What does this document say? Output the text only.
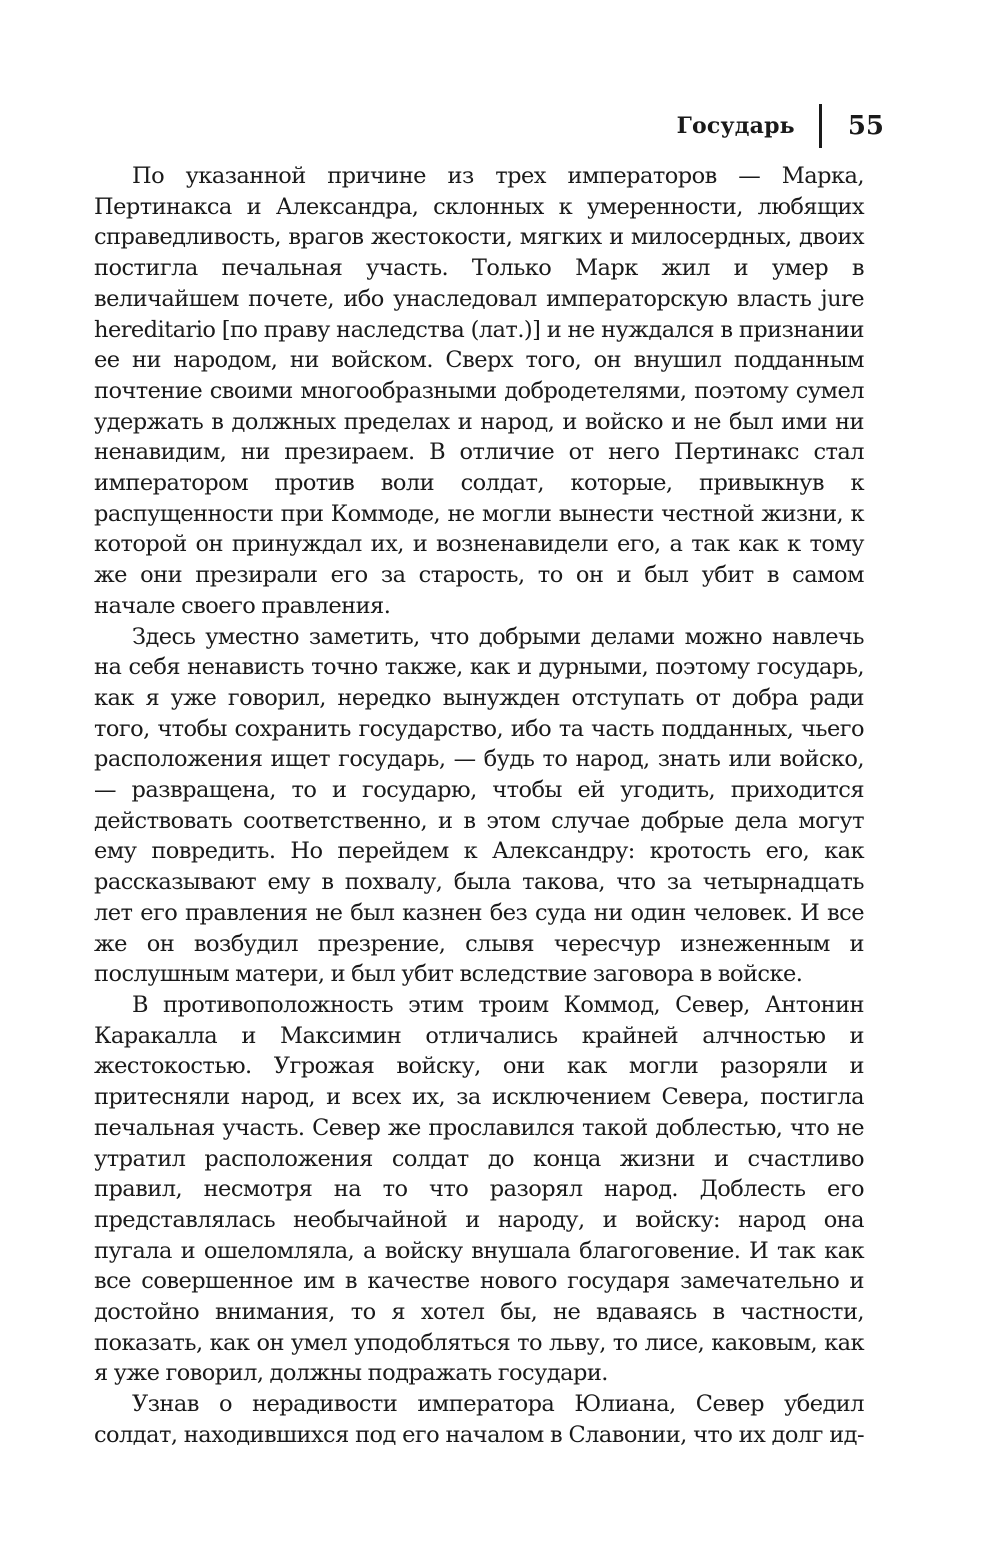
Государь 55

По указанной причине из трех императоров — Марка, Пертинакса и Александра, склонных к умеренности, любящих справедливость, врагов жестокости, мягких и милосердных, двоих постигла печальная участь. Только Марк жил и умер в величайшем почете, ибо унаследовал императорскую власть jure hereditario [по праву наследства (лат.)] и не нуждался в признании ее ни народом, ни войском. Сверх того, он внушил подданным почтение своими многообразными добродетелями, поэтому сумел удержать в должных пределах и народ, и войско и не был ими ни ненавидим, ни презираем. В отличие от него Пертинакс стал императором против воли солдат, которые, привыкнув к распущенности при Коммоде, не могли вынести честной жизни, к которой он принуждал их, и возненавидели его, а так как к тому же они презирали его за старость, то он и был убит в самом начале своего правления.

Здесь уместно заметить, что добрыми делами можно навлечь на себя ненависть точно также, как и дурными, поэтому государь, как я уже говорил, нередко вынужден отступать от добра ради того, чтобы сохранить государство, ибо та часть подданных, чьего расположения ищет государь, — будь то народ, знать или войско, — развращена, то и государю, чтобы ей угодить, приходится действовать соответственно, и в этом случае добрые дела могут ему повредить. Но перейдем к Александру: кротость его, как рассказывают ему в похвалу, была такова, что за четырнадцать лет его правления не был казнен без суда ни один человек. И все же он возбудил презрение, слывя чересчур изнеженным и послушным матери, и был убит вследствие заговора в войске.

В противоположность этим троим Коммод, Север, Антонин Каракалла и Максимин отличались крайней алчностью и жестокостью. Угрожая войску, они как могли разоряли и притесняли народ, и всех их, за исключением Севера, постигла печальная участь. Север же прославился такой доблестью, что не утратил расположения солдат до конца жизни и счастливо правил, несмотря на то что разорял народ. Доблесть его представлялась необычайной и народу, и войску: народ она пугала и ошеломляла, а войску внушала благоговение. И так как все совершенное им в качестве нового государя замечательно и достойно внимания, то я хотел бы, не вдаваясь в частности, показать, как он умел уподобляться то льву, то лисе, каковым, как я уже говорил, должны подражать государи.

Узнав о нерадивости императора Юлиана, Север убедил солдат, находившихся под его началом в Славонии, что их долг ид-
